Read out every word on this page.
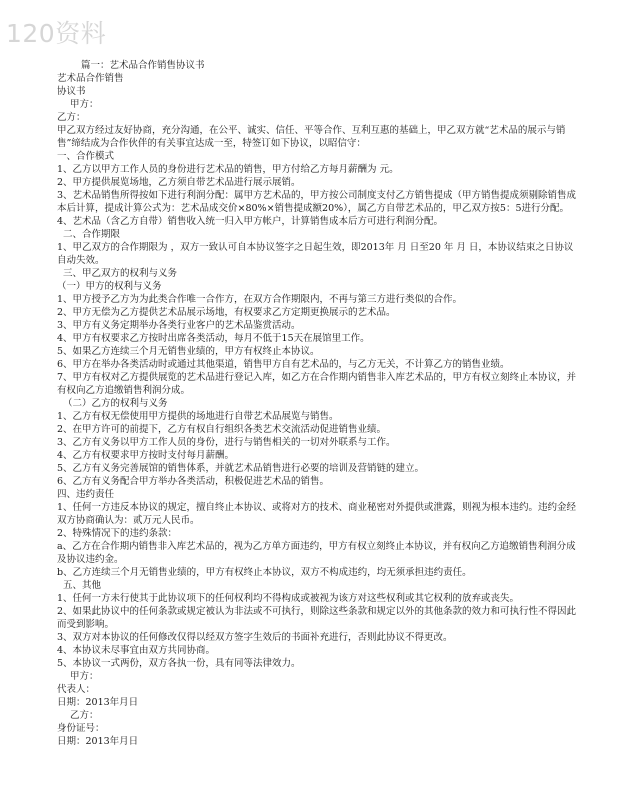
120资料
篇一：艺术品合作销售协议书
艺术品合作销售
协议书
甲方：
乙方：
甲乙双方经过友好协商，充分沟通，在公平、诚实、信任、平等合作、互利互惠的基础上，甲乙双方就“艺术品的展示与销售”缔结成为合作伙伴的有关事宜达成一至，特签订如下协议，以昭信守：
一、合作模式
1、乙方以甲方工作人员的身份进行艺术品的销售，甲方付给乙方每月薪酬为 元。
2、甲方提供展览场地，乙方须自带艺术品进行展示展销。
3、艺术品销售所得按如下进行利润分配：属甲方艺术品的，甲方按公司制度支付乙方销售提成（甲方销售提成须剔除销售成本后计算，提成计算公式为：艺术品成交价×80%×销售提成额20%），属乙方自带艺术品的，甲乙双方按5：5进行分配。
4、艺术品（含乙方自带）销售收入统一归入甲方帐户，计算销售成本后方可进行利润分配。
二、合作期限
1、甲乙双方的合作期限为 ，双方一致认可自本协议签字之日起生效，即2013年 月 日至20 年 月 日，本协议结束之日协议自动失效。
三、甲乙双方的权利与义务
（一）甲方的权利与义务
1、甲方授予乙方为为此类合作唯一合作方，在双方合作期限内，不再与第三方进行类似的合作。
2、甲方无偿为乙方提供艺术品展示场地，有权要求乙方定期更换展示的艺术品。
3、甲方有义务定期举办各类行业客户的艺术品鉴赏活动。
4、甲方有权要求乙方按时出席各类活动，每月不低于15天在展馆里工作。
5、如果乙方连续三个月无销售业绩的，甲方有权终止本协议。
6、甲方在举办各类活动时或通过其他渠道，销售甲方自有艺术品的，与乙方无关，不计算乙方的销售业绩。
7、甲方有权对乙方提供展览的艺术品进行登记入库，如乙方在合作期内销售非入库艺术品的，甲方有权立刻终止本协议，并有权向乙方追缴销售利润分成。
（二）乙方的权利与义务
1、乙方有权无偿使用甲方提供的场地进行自带艺术品展览与销售。
2、在甲方许可的前提下，乙方有权自行组织各类艺术交流活动促进销售业绩。
3、乙方有义务以甲方工作人员的身份，进行与销售相关的一切对外联系与工作。
4、乙方有权要求甲方按时支付每月薪酬。
5、乙方有义务完善展馆的销售体系，并就艺术品销售进行必要的培训及营销链的建立。
6、乙方有义务配合甲方举办各类活动，积极促进艺术品的销售。
四、违约责任
1、任何一方违反本协议的规定，擅自终止本协议、或将对方的技术、商业秘密对外提供或泄露，则视为根本违约。违约金经双方协商确认为：贰万元人民币。
2、特殊情况下的违约条款：
a、乙方在合作期内销售非入库艺术品的，视为乙方单方面违约，甲方有权立刻终止本协议，并有权向乙方追缴销售利润分成及协议违约金。
b、乙方连续三个月无销售业绩的，甲方有权终止本协议，双方不构成违约，均无须承担违约责任。
五、其他
1、任何一方未行使其于此协议项下的任何权利均不得构成或被视为该方对这些权利或其它权利的放弃或丧失。
2、如果此协议中的任何条款或规定被认为非法或不可执行，则除这些条款和规定以外的其他条款的效力和可执行性不得因此而受到影响。
3、双方对本协议的任何修改仅得以经双方签字生效后的书面补充进行，否则此协议不得更改。
4、本协议未尽事宜由双方共同协商。
5、本协议一式两份，双方各执一份，具有同等法律效力。
甲方：
代表人：
日期：2013年月日
乙方：
身份证号：
日期：2013年月日
